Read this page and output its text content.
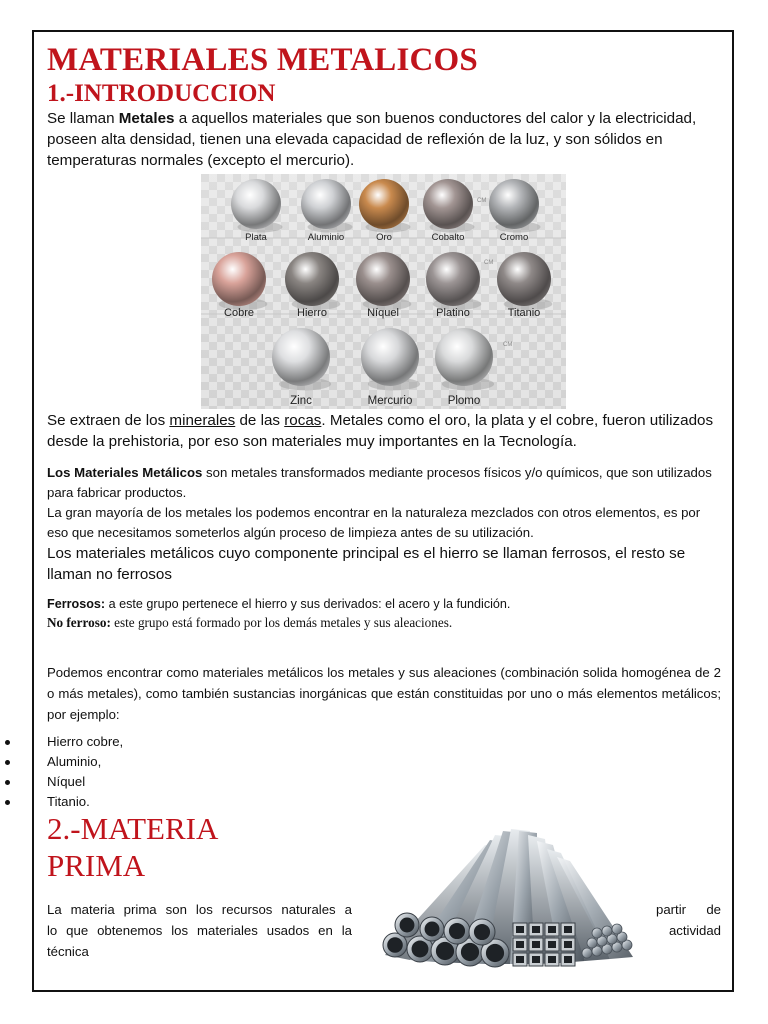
MATERIALES METALICOS
1.-INTRODUCCION
Se llaman Metales a aquellos materiales que son buenos conductores del calor y la electricidad, poseen alta densidad, tienen una elevada capacidad de reflexión de la luz, y son sólidos en temperaturas normales (excepto el mercurio).
Plata	Aluminio	Oro	Cobalto	Cromo
Cobre	Hierro	Níquel	Platino	Titanio
Zinc	Mercurio	Plomo
CM
CM
CM
Se extraen de los minerales de las rocas. Metales como el oro, la plata y el cobre, fueron utilizados desde la prehistoria, por eso son materiales muy importantes en la Tecnología.
Los Materiales Metálicos son metales transformados mediante procesos físicos y/o químicos, que son utilizados para fabricar productos.
La gran mayoría de los metales los podemos encontrar en la naturaleza mezclados con otros elementos, es por eso que necesitamos someterlos algún proceso de limpieza antes de su utilización.
Los materiales metálicos cuyo componente principal es el hierro se llaman ferrosos, el resto se llaman no ferrosos
Ferrosos: a este grupo pertenece el hierro y sus derivados: el acero y la fundición.
No ferroso: este grupo está formado por los demás metales y sus aleaciones.
Podemos encontrar como materiales metálicos los metales y sus aleaciones (combinación solida homogénea de 2 o más metales), como también sustancias inorgánicas que están constituidas por uno o más elementos metálicos; por ejemplo:
Hierro cobre,
Aluminio,
Níquel
Titanio.
2.-MATERIA
PRIMA
La materia prima son los recursos naturales a
lo que obtenemos los materiales usados en la
técnica
partir de
actividad
